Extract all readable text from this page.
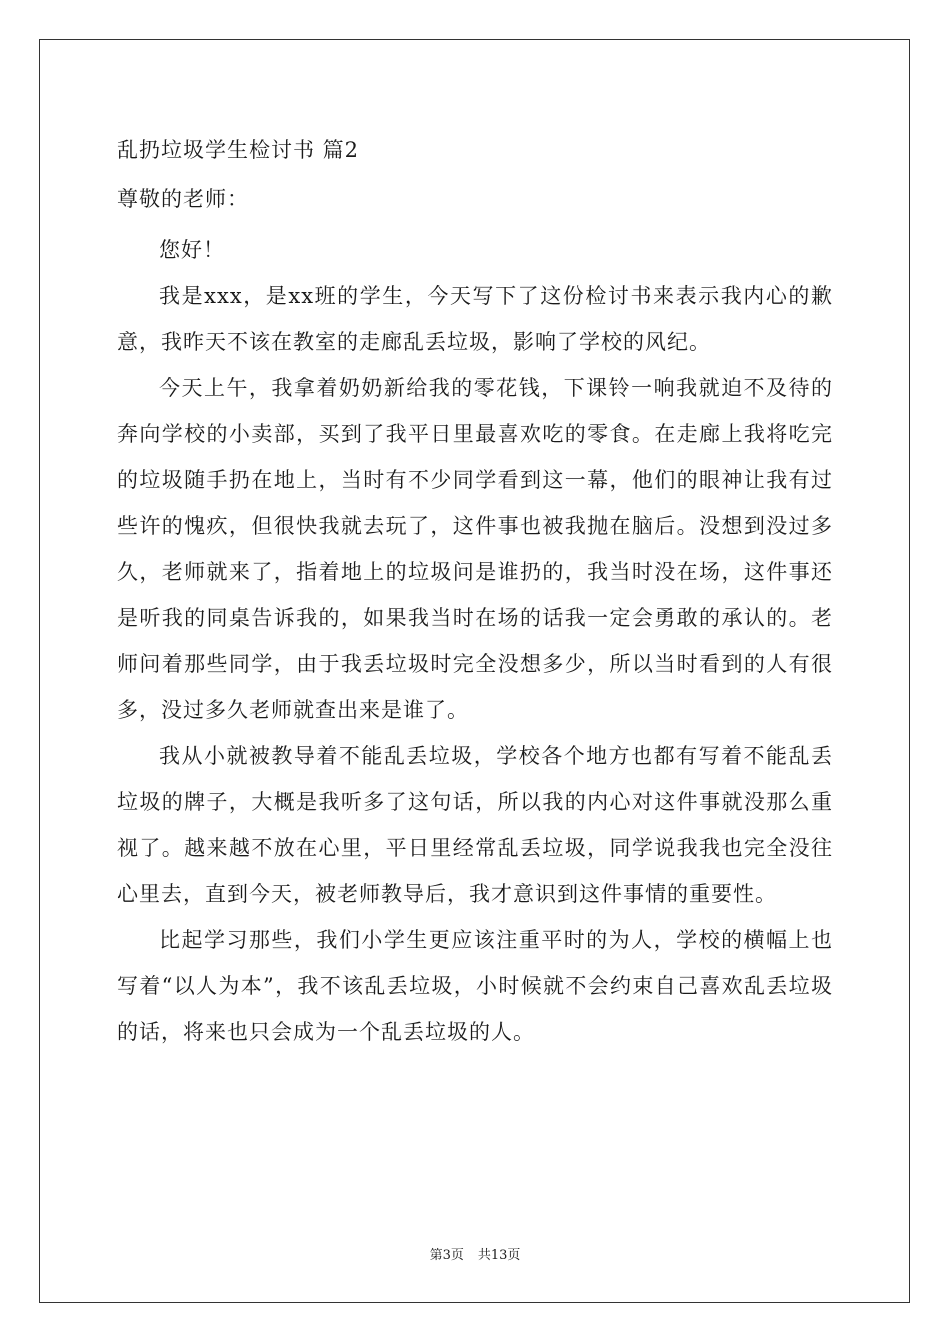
乱扔垃圾学生检讨书 篇2
尊敬的老师：

您好！

我是xxx，是xx班的学生，今天写下了这份检讨书来表示我内心的歉意，我昨天不该在教室的走廊乱丢垃圾，影响了学校的风纪。

今天上午，我拿着奶奶新给我的零花钱，下课铃一响我就迫不及待的奔向学校的小卖部，买到了我平日里最喜欢吃的零食。在走廊上我将吃完的垃圾随手扔在地上，当时有不少同学看到这一幕，他们的眼神让我有过些许的愧疚，但很快我就去玩了，这件事也被我抛在脑后。没想到没过多久，老师就来了，指着地上的垃圾问是谁扔的，我当时没在场，这件事还是听我的同桌告诉我的，如果我当时在场的话我一定会勇敢的承认的。老师问着那些同学，由于我丢垃圾时完全没想多少，所以当时看到的人有很多，没过多久老师就查出来是谁了。

我从小就被教导着不能乱丢垃圾，学校各个地方也都有写着不能乱丢垃圾的牌子，大概是我听多了这句话，所以我的内心对这件事就没那么重视了。越来越不放在心里，平日里经常乱丢垃圾，同学说我我也完全没往心里去，直到今天，被老师教导后，我才意识到这件事情的重要性。

比起学习那些，我们小学生更应该注重平时的为人，学校的横幅上也写着“以人为本”，我不该乱丢垃圾，小时候就不会约束自己喜欢乱丢垃圾的话，将来也只会成为一个乱丢垃圾的人。

第3页 共13页
